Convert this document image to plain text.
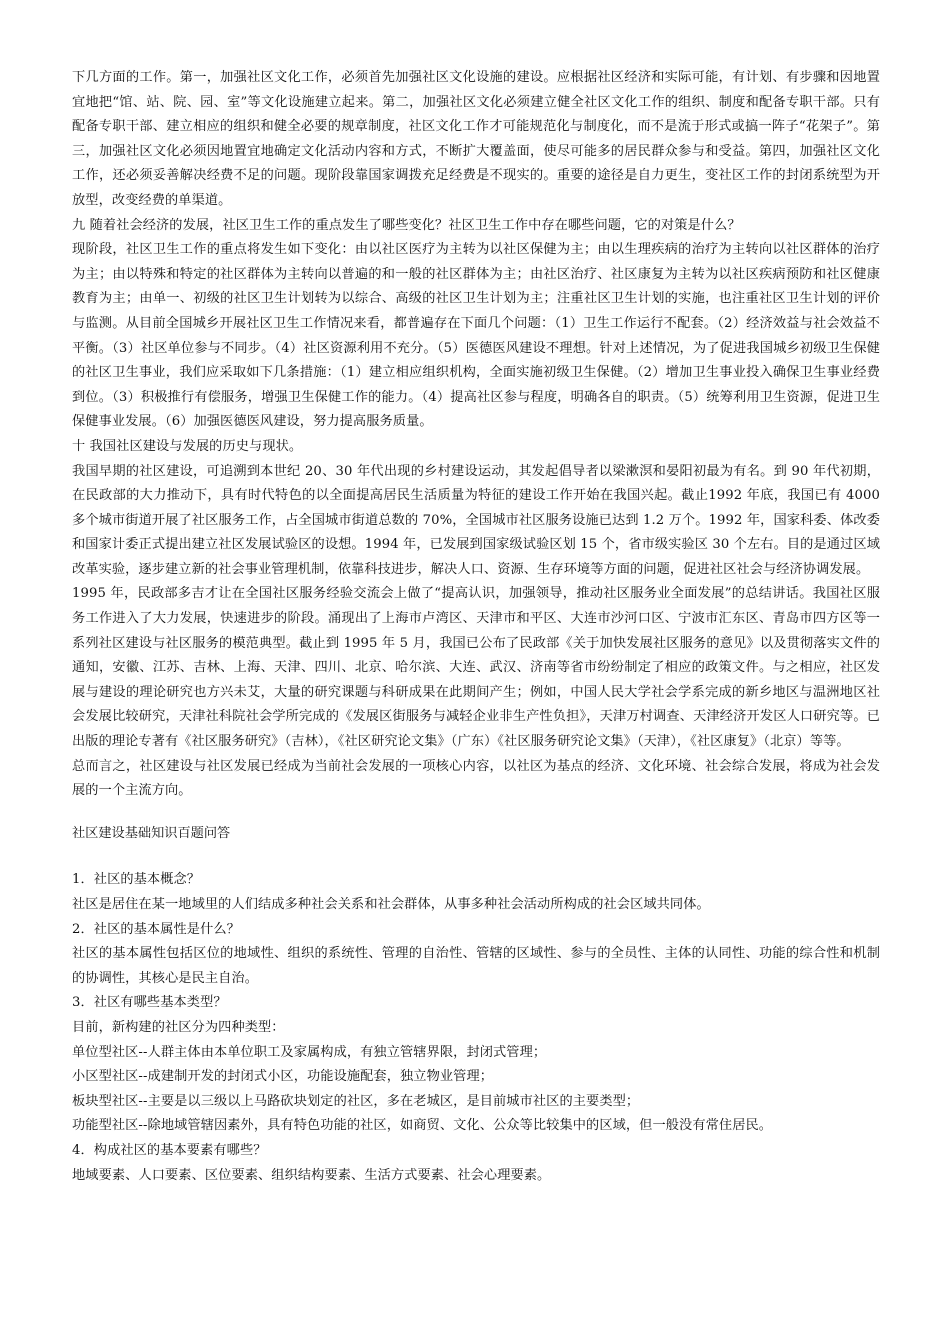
下几方面的工作。第一，加强社区文化工作，必须首先加强社区文化设施的建设。应根据社区经济和实际可能，有计划、有步骤和因地置宜地把“馆、站、院、园、室”等文化设施建立起来。第二，加强社区文化必须建立健全社区文化工作的组织、制度和配备专职干部。只有配备专职干部、建立相应的组织和健全必要的规章制度，社区文化工作才可能规范化与制度化，而不是流于形式或搞一阵子“花架子”。第三，加强社区文化必须因地置宜地确定文化活动内容和方式，不断扩大覆盖面，使尽可能多的居民群众参与和受益。第四，加强社区文化工作，还必须妥善解决经费不足的问题。现阶段靠国家调拨充足经费是不现实的。重要的途径是自力更生，变社区工作的封闭系统型为开放型，改变经费的单渠道。

九 随着社会经济的发展，社区卫生工作的重点发生了哪些变化？社区卫生工作中存在哪些问题，它的对策是什么？

现阶段，社区卫生工作的重点将发生如下变化：由以社区医疗为主转为以社区保健为主；由以生理疾病的治疗为主转向以社区群体的治疗为主；由以特殊和特定的社区群体为主转向以普遍的和一般的社区群体为主；由社区治疗、社区康复为主转为以社区疾病预防和社区健康教育为主；由单一、初级的社区卫生计划转为以综合、高级的社区卫生计划为主；注重社区卫生计划的实施，也注重社区卫生计划的评价与监测。从目前全国城乡开展社区卫生工作情况来看，都普遍存在下面几个问题：（1）卫生工作运行不配套。（2）经济效益与社会效益不平衡。（3）社区单位参与不同步。（4）社区资源利用不充分。（5）医德医风建设不理想。针对上述情况，为了促进我国城乡初级卫生保健的社区卫生事业，我们应采取如下几条措施：（1）建立相应组织机构，全面实施初级卫生保健。（2）增加卫生事业投入确保卫生事业经费到位。（3）积极推行有偿服务，增强卫生保健工作的能力。（4）提高社区参与程度，明确各自的职责。（5）统筹利用卫生资源，促进卫生保健事业发展。（6）加强医德医风建设，努力提高服务质量。

十 我国社区建设与发展的历史与现状。

我国早期的社区建设，可追溯到本世纪 20、30 年代出现的乡村建设运动，其发起倡导者以梁漱溟和晏阳初最为有名。到 90 年代初期，在民政部的大力推动下，具有时代特色的以全面提高居民生活质量为特征的建设工作开始在我国兴起。截止1992 年底，我国已有 4000 多个城市街道开展了社区服务工作，占全国城市街道总数的 70%，全国城市社区服务设施已达到 1.2 万个。1992 年，国家科委、体改委和国家计委正式提出建立社区发展试验区的设想。1994 年，已发展到国家级试验区划 15 个，省市级实验区 30 个左右。目的是通过区域改革实验，逐步建立新的社会事业管理机制，依靠科技进步，解决人口、资源、生存环境等方面的问题，促进社区社会与经济协调发展。

1995 年，民政部多吉才让在全国社区服务经验交流会上做了“提高认识，加强领导，推动社区服务业全面发展”的总结讲话。我国社区服务工作进入了大力发展，快速进步的阶段。涌现出了上海市卢湾区、天津市和平区、大连市沙河口区、宁波市汇东区、青岛市四方区等一系列社区建设与社区服务的模范典型。截止到 1995 年 5 月，我国已公布了民政部《关于加快发展社区服务的意见》以及贯彻落实文件的通知，安徽、江苏、吉林、上海、天津、四川、北京、哈尔滨、大连、武汉、济南等省市纷纷制定了相应的政策文件。与之相应，社区发展与建设的理论研究也方兴未艾，大量的研究课题与科研成果在此期间产生；例如，中国人民大学社会学系完成的新乡地区与温洲地区社会发展比较研究，天津社科院社会学所完成的《发展区街服务与减轻企业非生产性负担》，天津万村调查、天津经济开发区人口研究等。已出版的理论专著有《社区服务研究》（吉林），《社区研究论文集》（广东）《社区服务研究论文集》（天津），《社区康复》（北京）等等。

总而言之，社区建设与社区发展已经成为当前社会发展的一项核心内容，以社区为基点的经济、文化环境、社会综合发展，将成为社会发展的一个主流方向。

社区建设基础知识百题问答

1．社区的基本概念？

社区是居住在某一地域里的人们结成多种社会关系和社会群体，从事多种社会活动所构成的社会区域共同体。

2．社区的基本属性是什么？

社区的基本属性包括区位的地域性、组织的系统性、管理的自治性、管辖的区域性、参与的全员性、主体的认同性、功能的综合性和机制的协调性，其核心是民主自治。

3．社区有哪些基本类型？

目前，新构建的社区分为四种类型：

单位型社区--人群主体由本单位职工及家属构成，有独立管辖界限，封闭式管理；

小区型社区--成建制开发的封闭式小区，功能设施配套，独立物业管理；

板块型社区--主要是以三级以上马路砍块划定的社区，多在老城区，是目前城市社区的主要类型；

功能型社区--除地域管辖因素外，具有特色功能的社区，如商贸、文化、公众等比较集中的区域，但一般没有常住居民。

4．构成社区的基本要素有哪些？

地域要素、人口要素、区位要素、组织结构要素、生活方式要素、社会心理要素。
